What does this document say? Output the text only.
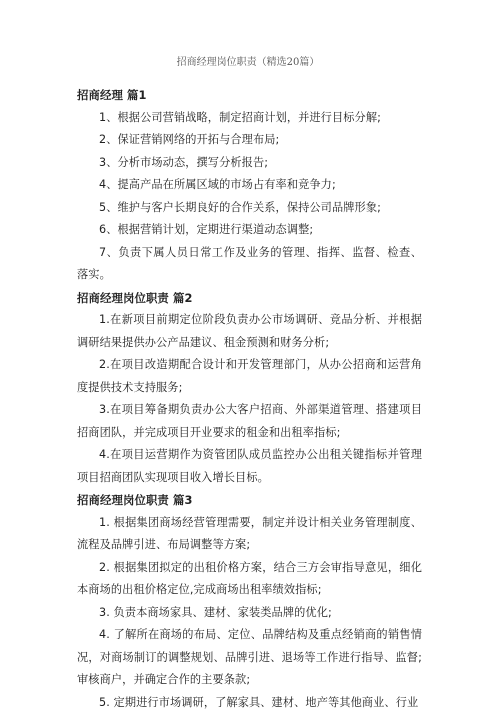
招商经理岗位职责（精选20篇）

招商经理 篇1

1、根据公司营销战略，制定招商计划，并进行目标分解;

2、保证营销网络的开拓与合理布局;

3、分析市场动态，撰写分析报告;

4、提高产品在所属区域的市场占有率和竞争力;

5、维护与客户长期良好的合作关系，保持公司品牌形象;

6、根据营销计划，定期进行渠道动态调整;

7、负责下属人员日常工作及业务的管理、指挥、监督、检查、落实。

招商经理岗位职责 篇2

1.在新项目前期定位阶段负责办公市场调研、竞品分析、并根据调研结果提供办公产品建议、租金预测和财务分析;

2.在项目改造期配合设计和开发管理部门，从办公招商和运营角度提供技术支持服务;

3.在项目筹备期负责办公大客户招商、外部渠道管理、搭建项目招商团队，并完成项目开业要求的租金和出租率指标;

4.在项目运营期作为资管团队成员监控办公出租关键指标并管理项目招商团队实现项目收入增长目标。

招商经理岗位职责 篇3

1. 根据集团商场经营管理需要，制定并设计相关业务管理制度、流程及品牌引进、布局调整等方案;

2. 根据集团拟定的出租价格方案，结合三方会审指导意见，细化本商场的出租价格定位,完成商场出租率绩效指标;

3. 负责本商场家具、建材、家装类品牌的优化;

4. 了解所在商场的布局、定位、品牌结构及重点经销商的销售情况，对商场制订的调整规划、品牌引进、退场等工作进行指导、监督;审核商户，并确定合作的主要条款;

5. 定期进行市场调研，了解家具、建材、地产等其他商业、行业
